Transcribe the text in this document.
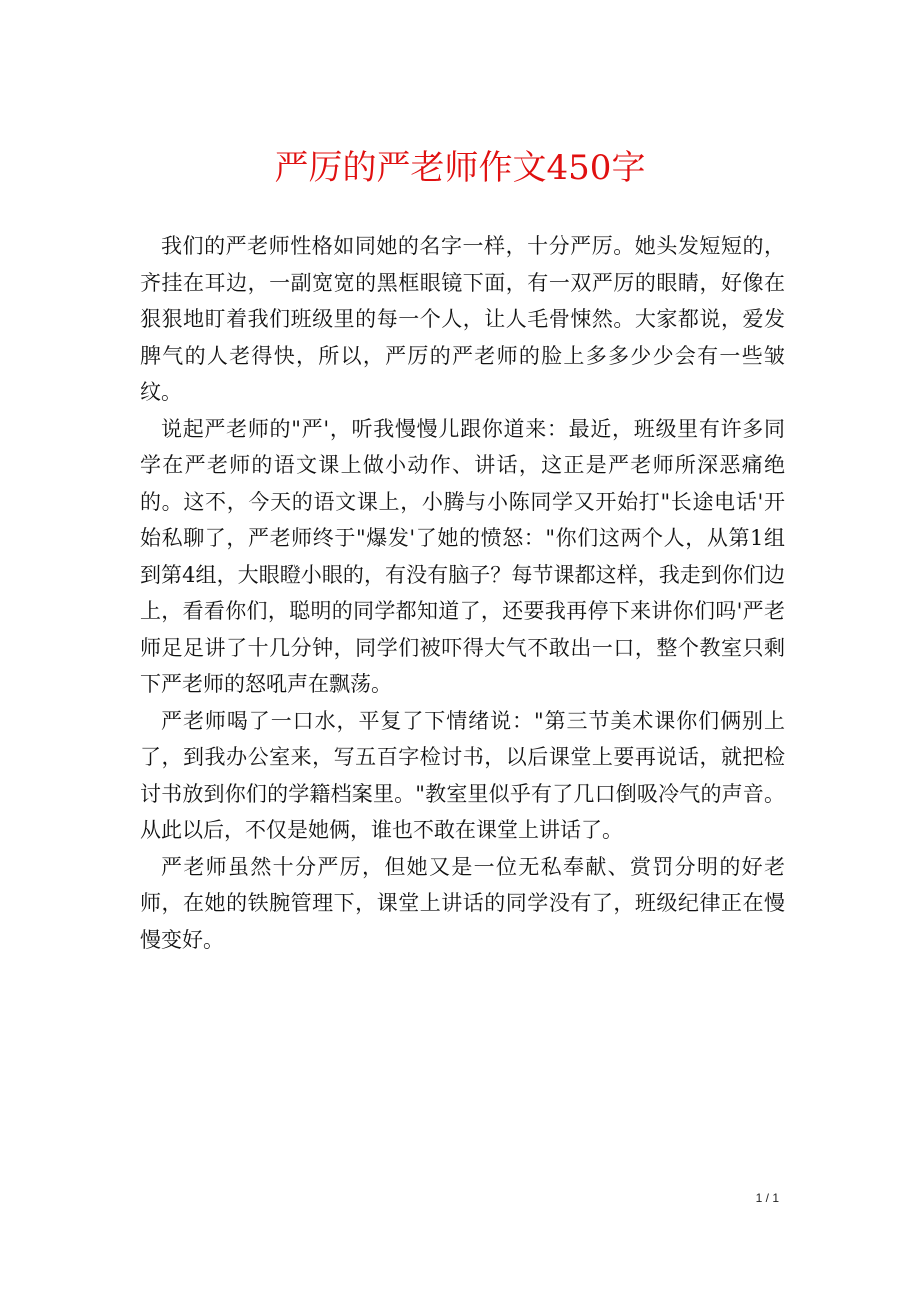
严厉的严老师作文450字

我们的严老师性格如同她的名字一样，十分严厉。她头发短短的，齐挂在耳边，一副宽宽的黑框眼镜下面，有一双严厉的眼睛，好像在狠狠地盯着我们班级里的每一个人，让人毛骨悚然。大家都说，爱发脾气的人老得快，所以，严厉的严老师的脸上多多少少会有一些皱纹。

说起严老师的"严'，听我慢慢儿跟你道来：最近，班级里有许多同学在严老师的语文课上做小动作、讲话，这正是严老师所深恶痛绝的。这不，今天的语文课上，小腾与小陈同学又开始打"长途电话'开始私聊了，严老师终于"爆发'了她的愤怒："你们这两个人，从第1组到第4组，大眼瞪小眼的，有没有脑子？每节课都这样，我走到你们边上，看看你们，聪明的同学都知道了，还要我再停下来讲你们吗'严老师足足讲了十几分钟，同学们被吓得大气不敢出一口，整个教室只剩下严老师的怒吼声在飘荡。

严老师喝了一口水，平复了下情绪说："第三节美术课你们俩别上了，到我办公室来，写五百字检讨书，以后课堂上要再说话，就把检讨书放到你们的学籍档案里。"教室里似乎有了几口倒吸冷气的声音。从此以后，不仅是她俩，谁也不敢在课堂上讲话了。

严老师虽然十分严厉，但她又是一位无私奉献、赏罚分明的好老师，在她的铁腕管理下，课堂上讲话的同学没有了，班级纪律正在慢慢变好。

1 / 1
